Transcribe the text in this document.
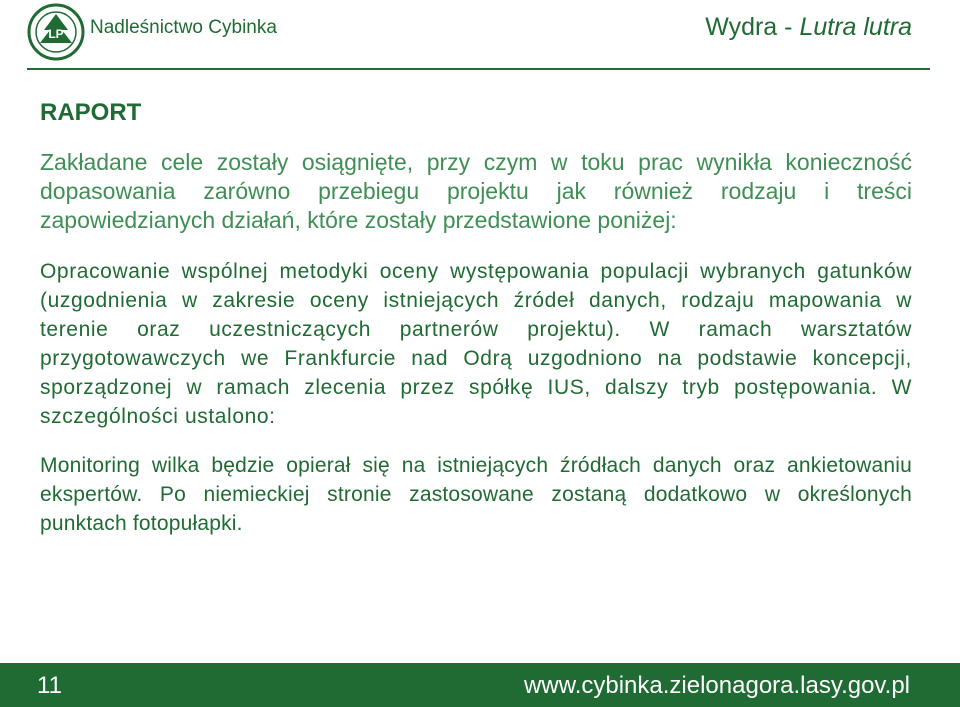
LP Nadleśnictwo Cybinka	Wydra - Lutra lutra
RAPORT

Zakładane cele zostały osiągnięte, przy czym w toku prac wynikła konieczność dopasowania zarówno przebiegu projektu jak również rodzaju i treści zapowiedzianych działań, które zostały przedstawione poniżej:

Opracowanie wspólnej metodyki oceny występowania populacji wybranych gatunków (uzgodnienia w zakresie oceny istniejących źródeł danych, rodzaju mapowania w terenie oraz uczestniczących partnerów projektu). W ramach warsztatów przygotowawczych we Frankfurcie nad Odrą uzgodniono na podstawie koncepcji, sporządzonej w ramach zlecenia przez spółkę IUS, dalszy tryb postępowania. W szczególności ustalono:

Monitoring wilka będzie opierał się na istniejących źródłach danych oraz ankietowaniu ekspertów. Po niemieckiej stronie zastosowane zostaną dodatkowo w określonych punktach fotopułapki.

11	www.cybinka.zielonagora.lasy.gov.pl
